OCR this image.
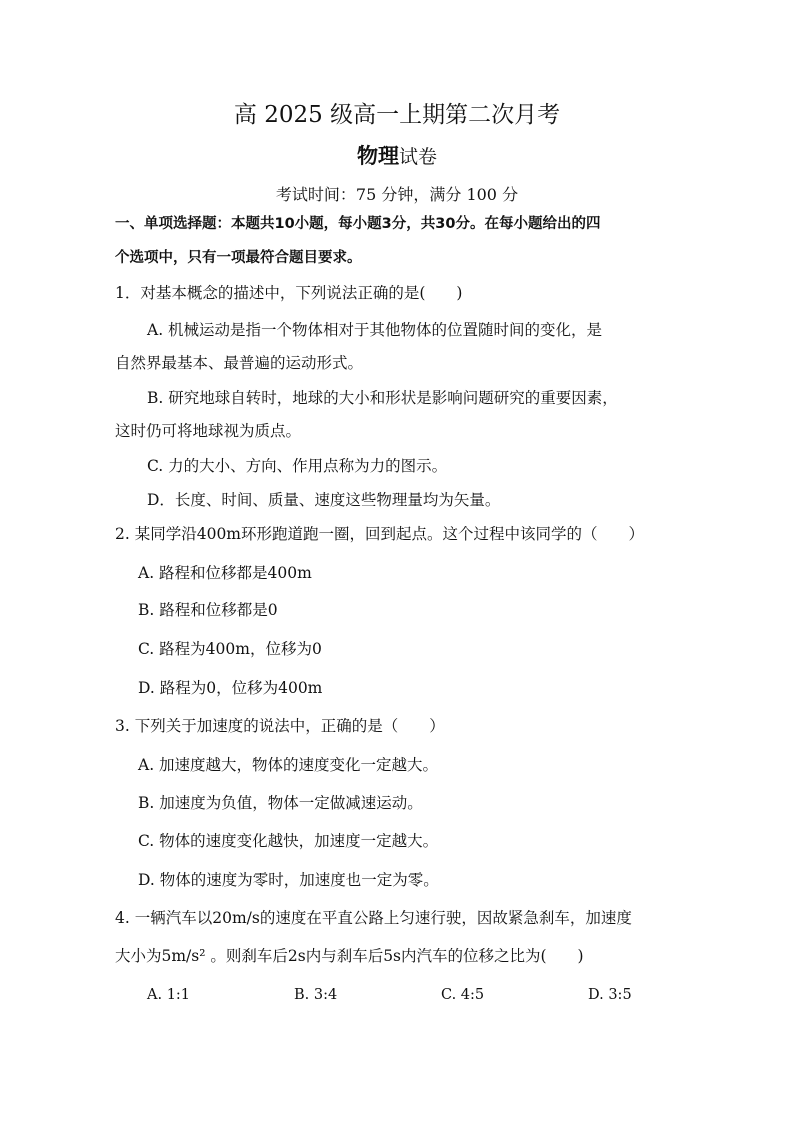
高 2025 级高一上期第二次月考
物理试卷
考试时间：75 分钟，满分 100 分
一、单项选择题：本题共10小题，每小题3分，共30分。在每小题给出的四
个选项中，只有一项最符合题目要求。
1．对基本概念的描述中，下列说法正确的是(　　)
A. 机械运动是指一个物体相对于其他物体的位置随时间的变化，是
自然界最基本、最普遍的运动形式。
B. 研究地球自转时，地球的大小和形状是影响问题研究的重要因素，
这时仍可将地球视为质点。
C. 力的大小、方向、作用点称为力的图示。
D．长度、时间、质量、速度这些物理量均为矢量。
2. 某同学沿400m环形跑道跑一圈，回到起点。这个过程中该同学的（　　）
A. 路程和位移都是400m
B. 路程和位移都是0
C. 路程为400m，位移为0
D. 路程为0，位移为400m
3. 下列关于加速度的说法中，正确的是（　　）
A. 加速度越大，物体的速度变化一定越大。
B. 加速度为负值，物体一定做减速运动。
C. 物体的速度变化越快，加速度一定越大。
D. 物体的速度为零时，加速度也一定为零。
4. 一辆汽车以20m/s的速度在平直公路上匀速行驶，因故紧急刹车，加速度
大小为5m/s² 。则刹车后2s内与刹车后5s内汽车的位移之比为(　　)
A. 1:1	B. 3:4	C. 4:5	D. 3:5
